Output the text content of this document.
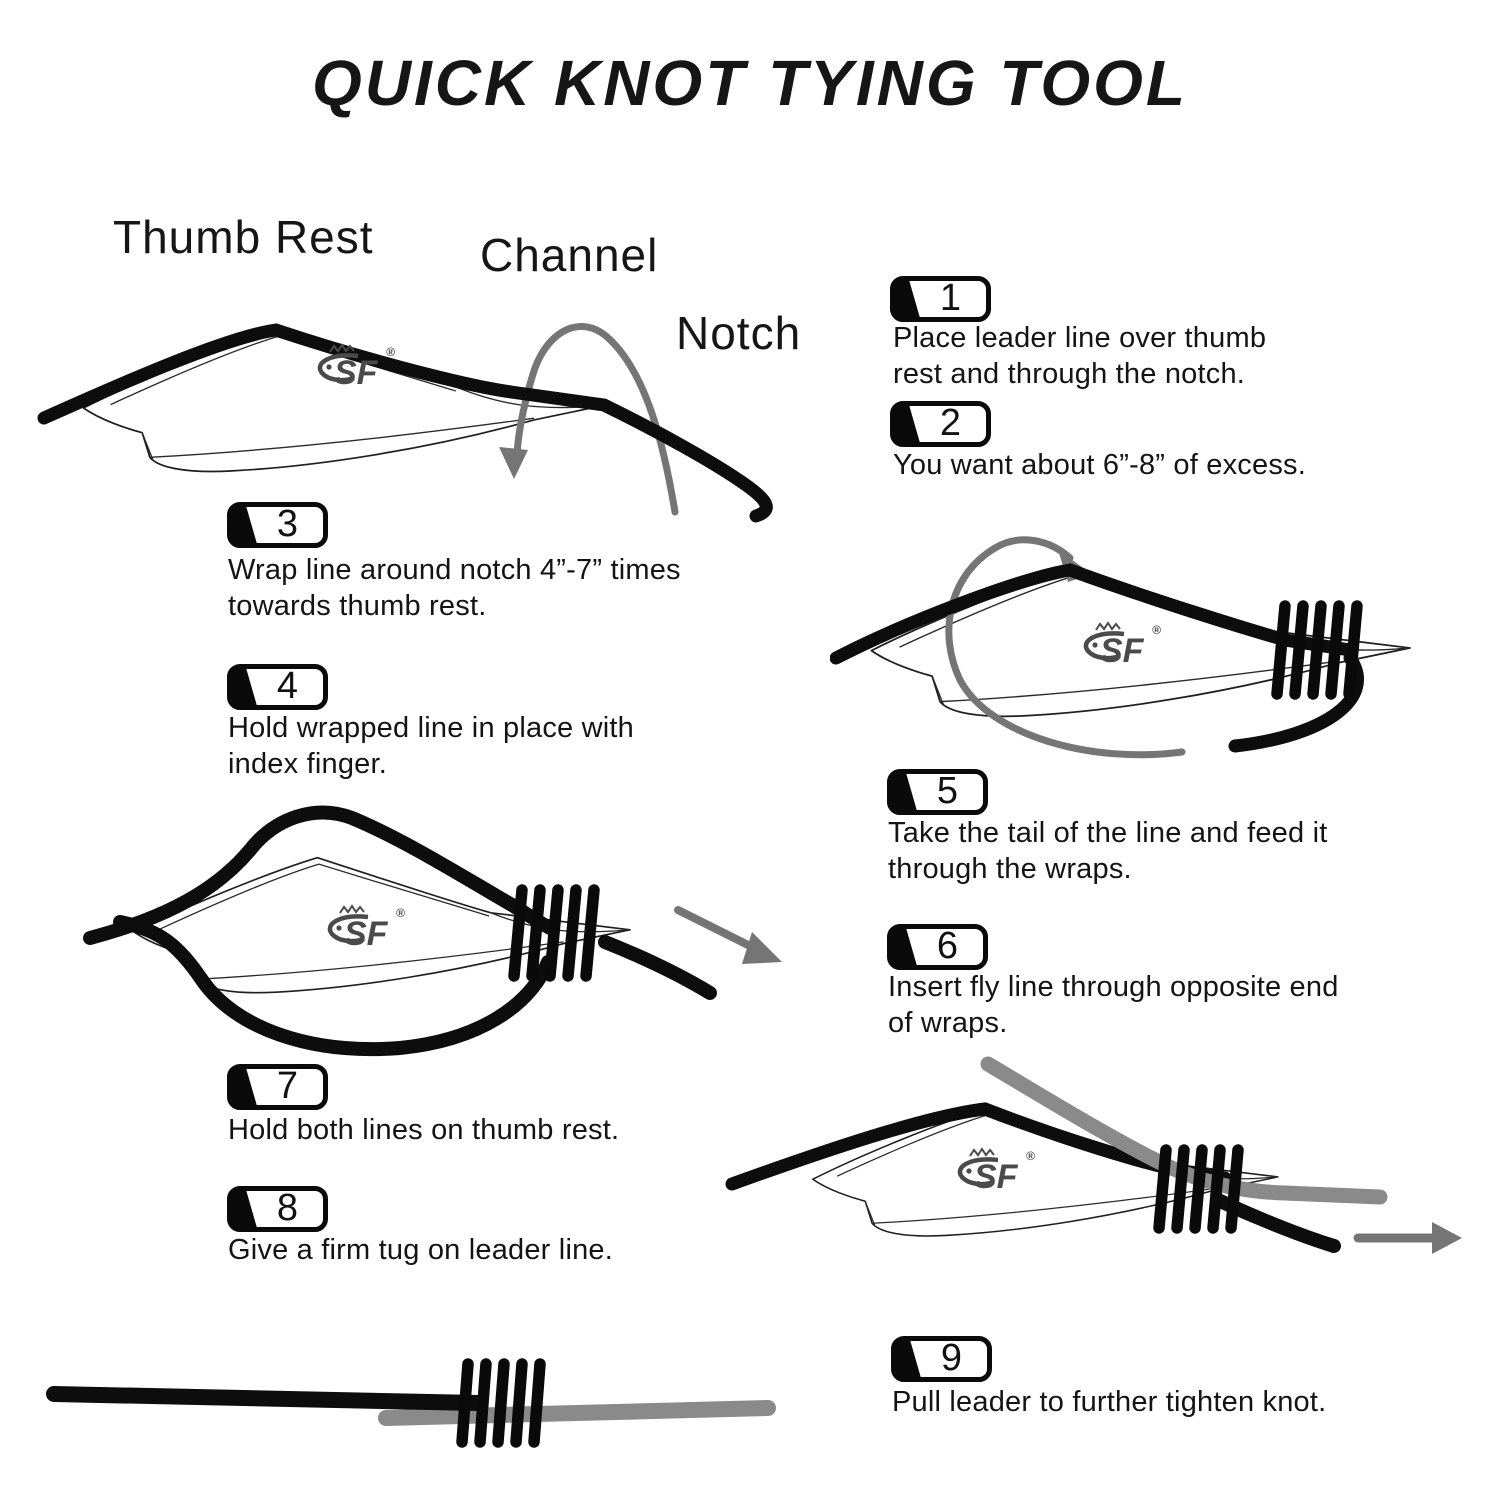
QUICK KNOT TYING TOOL
Thumb Rest Channel
Notch
SF
®
SF
®
SF
®
SF
®
1
Place leader line over thumb rest and through the notch.
2
You want about 6”-8” of excess.
3
Wrap line around notch 4”-7” times towards thumb rest.
4
Hold wrapped line in place with index finger.
5
Take the tail of the line and feed it through the wraps.
6
Insert fly line through opposite end of wraps.
7
Hold both lines on thumb rest.
8
Give a firm tug on leader line.
9
Pull leader to further tighten knot.
